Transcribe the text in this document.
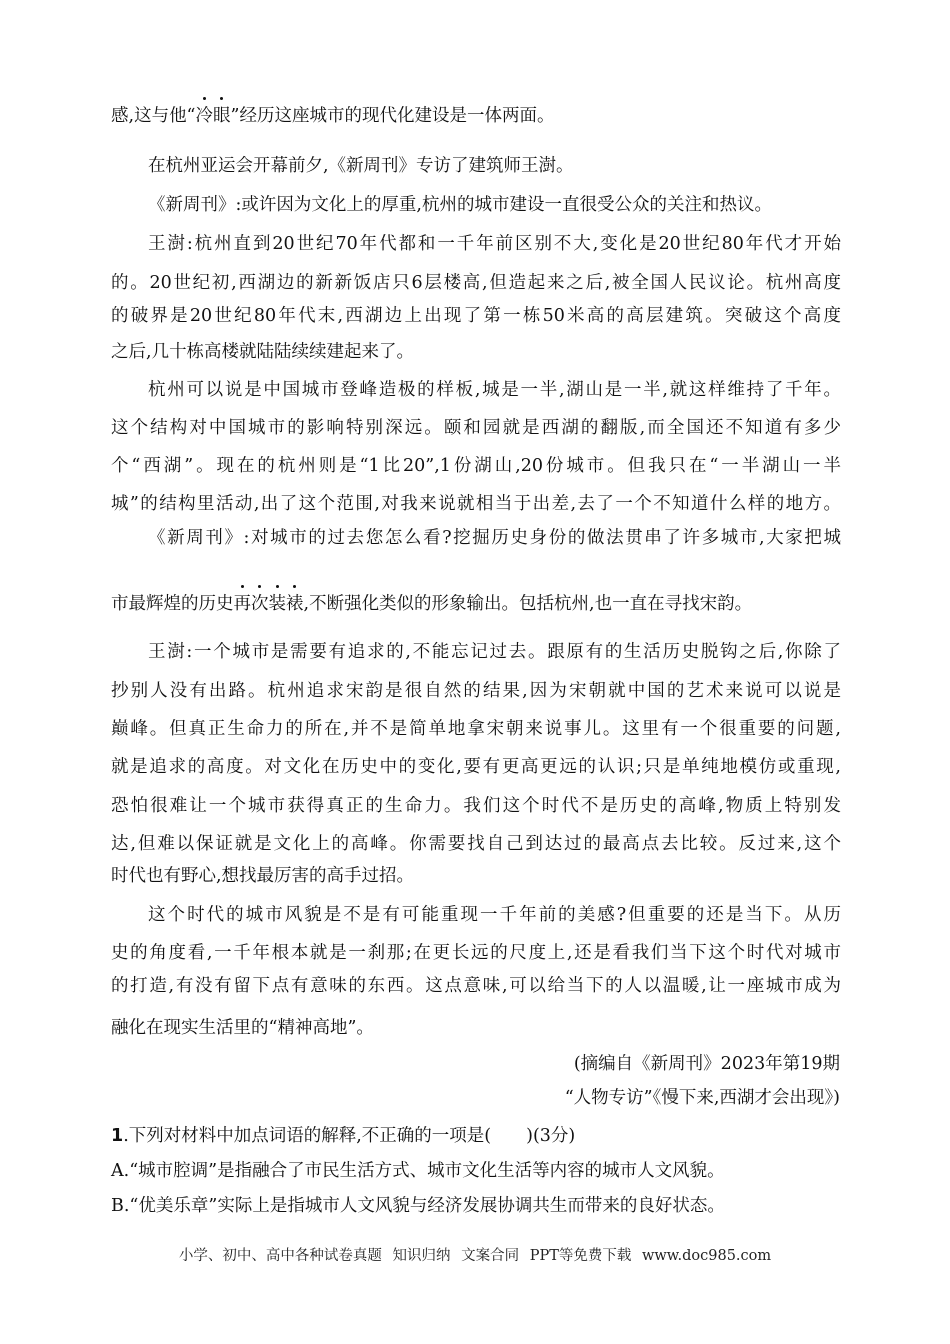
感,这与他“冷眼”经历这座城市的现代化建设是一体两面。
在杭州亚运会开幕前夕,《新周刊》专访了建筑师王澍。
《新周刊》:或许因为文化上的厚重,杭州的城市建设一直很受公众的关注和热议。
王澍:杭州直到20世纪70年代都和一千年前区别不大,变化是20世纪80年代才开始
的。20世纪初,西湖边的新新饭店只6层楼高,但造起来之后,被全国人民议论。杭州高度
的破界是20世纪80年代末,西湖边上出现了第一栋50米高的高层建筑。突破这个高度
之后,几十栋高楼就陆陆续续建起来了。
杭州可以说是中国城市登峰造极的样板,城是一半,湖山是一半,就这样维持了千年。
这个结构对中国城市的影响特别深远。颐和园就是西湖的翻版,而全国还不知道有多少
个“西湖”。现在的杭州则是“1比20”,1份湖山,20份城市。但我只在“一半湖山一半
城”的结构里活动,出了这个范围,对我来说就相当于出差,去了一个不知道什么样的地方。
《新周刊》:对城市的过去您怎么看?挖掘历史身份的做法贯串了许多城市,大家把城
市最辉煌的历史再次装裱,不断强化类似的形象输出。包括杭州,也一直在寻找宋韵。
王澍:一个城市是需要有追求的,不能忘记过去。跟原有的生活历史脱钩之后,你除了
抄别人没有出路。杭州追求宋韵是很自然的结果,因为宋朝就中国的艺术来说可以说是
巅峰。但真正生命力的所在,并不是简单地拿宋朝来说事儿。这里有一个很重要的问题,
就是追求的高度。对文化在历史中的变化,要有更高更远的认识;只是单纯地模仿或重现,
恐怕很难让一个城市获得真正的生命力。我们这个时代不是历史的高峰,物质上特别发
达,但难以保证就是文化上的高峰。你需要找自己到达过的最高点去比较。反过来,这个
时代也有野心,想找最厉害的高手过招。
这个时代的城市风貌是不是有可能重现一千年前的美感?但重要的还是当下。从历
史的角度看,一千年根本就是一刹那;在更长远的尺度上,还是看我们当下这个时代对城市
的打造,有没有留下点有意味的东西。这点意味,可以给当下的人以温暖,让一座城市成为
融化在现实生活里的“精神高地”。
(摘编自《新周刊》2023年第19期
“人物专访”《慢下来,西湖才会出现》)
1.下列对材料中加点词语的解释,不正确的一项是(　　)(3分)
A.“城市腔调”是指融合了市民生活方式、城市文化生活等内容的城市人文风貌。
B.“优美乐章”实际上是指城市人文风貌与经济发展协调共生而带来的良好状态。
小学、初中、高中各种试卷真题 知识归纳 文案合同 PPT等免费下载 www.doc985.com
